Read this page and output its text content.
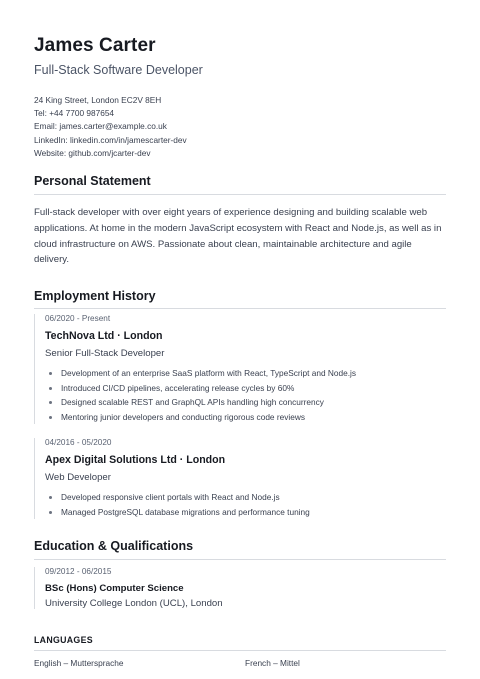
James Carter
Full-Stack Software Developer
24 King Street, London EC2V 8EH
Tel: +44 7700 987654
Email: james.carter@example.co.uk
LinkedIn: linkedin.com/in/jamescarter-dev
Website: github.com/jcarter-dev
Personal Statement
Full-stack developer with over eight years of experience designing and building scalable web applications. At home in the modern JavaScript ecosystem with React and Node.js, as well as in cloud infrastructure on AWS. Passionate about clean, maintainable architecture and agile delivery.
Employment History
06/2020 - Present
TechNova Ltd · London
Senior Full-Stack Developer
Development of an enterprise SaaS platform with React, TypeScript and Node.js
Introduced CI/CD pipelines, accelerating release cycles by 60%
Designed scalable REST and GraphQL APIs handling high concurrency
Mentoring junior developers and conducting rigorous code reviews
04/2016 - 05/2020
Apex Digital Solutions Ltd · London
Web Developer
Developed responsive client portals with React and Node.js
Managed PostgreSQL database migrations and performance tuning
Education & Qualifications
09/2012 - 06/2015
BSc (Hons) Computer Science
University College London (UCL), London
LANGUAGES
English – Muttersprache	French – Mittel
